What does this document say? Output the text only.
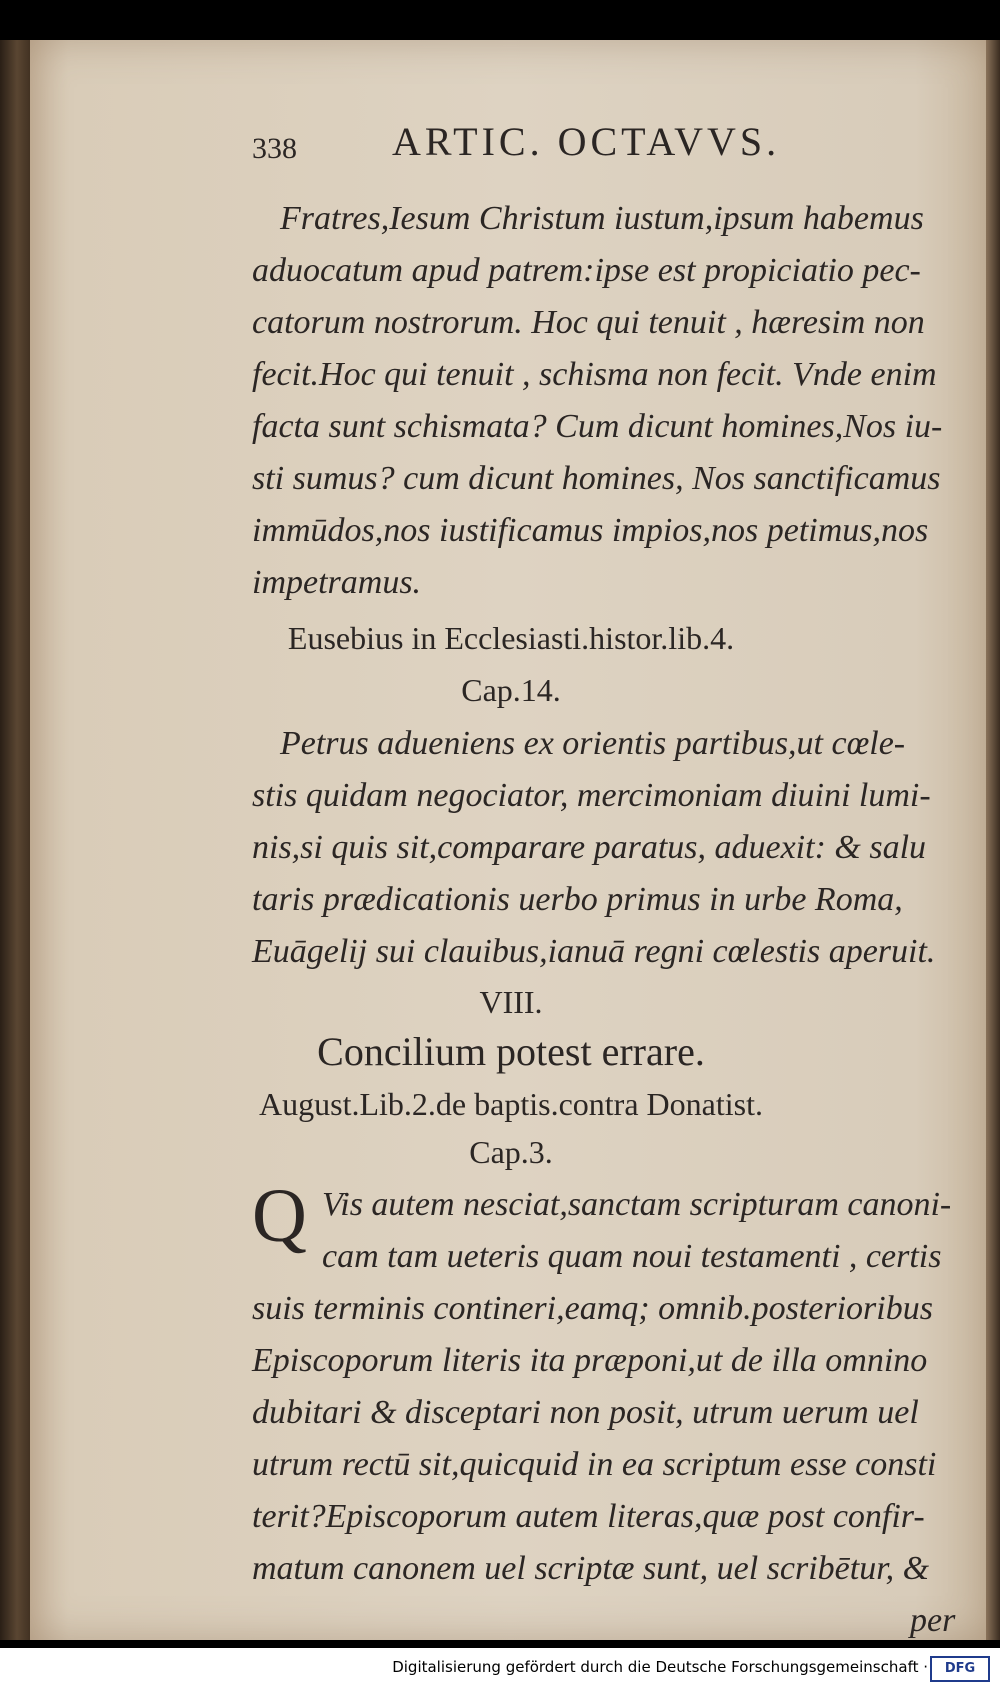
338 ARTIC. OCTAVVS.
Fratres,Iesum Christum iustum,ipsum habemus
aduocatum apud patrem:ipse est propiciatio pec-
catorum nostrorum. Hoc qui tenuit , hæresim non
fecit.Hoc qui tenuit , schisma non fecit. Vnde enim
facta sunt schismata? Cum dicunt homines,Nos iu-
sti sumus? cum dicunt homines, Nos sanctificamus
immūdos,nos iustificamus impios,nos petimus,nos
impetramus.
Eusebius in Ecclesiasti.histor.lib.4.
Cap.14.
Petrus adueniens ex orientis partibus,ut cœle-
stis quidam negociator, mercimoniam diuini lumi-
nis,si quis sit,comparare paratus, aduexit: & salu
taris prædicationis uerbo primus in urbe Roma,
Euāgelij sui clauibus,ianuā regni cœlestis aperuit.
VIII.
Concilium potest errare.
August.Lib.2.de baptis.contra Donatist.
Cap.3.
Q Vis autem nesciat,sanctam scripturam canoni-
cam tam ueteris quam noui testamenti , certis
suis terminis contineri,eamq; omnib.posterioribus
Episcoporum literis ita præponi,ut de illa omnino
dubitari & disceptari non posit, utrum uerum uel
utrum rectū sit,quicquid in ea scriptum esse consti
terit?Episcoporum autem literas,quæ post confir-
matum canonem uel scriptæ sunt, uel scribētur, &
per
Digitalisierung gefördert durch die Deutsche Forschungsgemeinschaft ·	DFG
